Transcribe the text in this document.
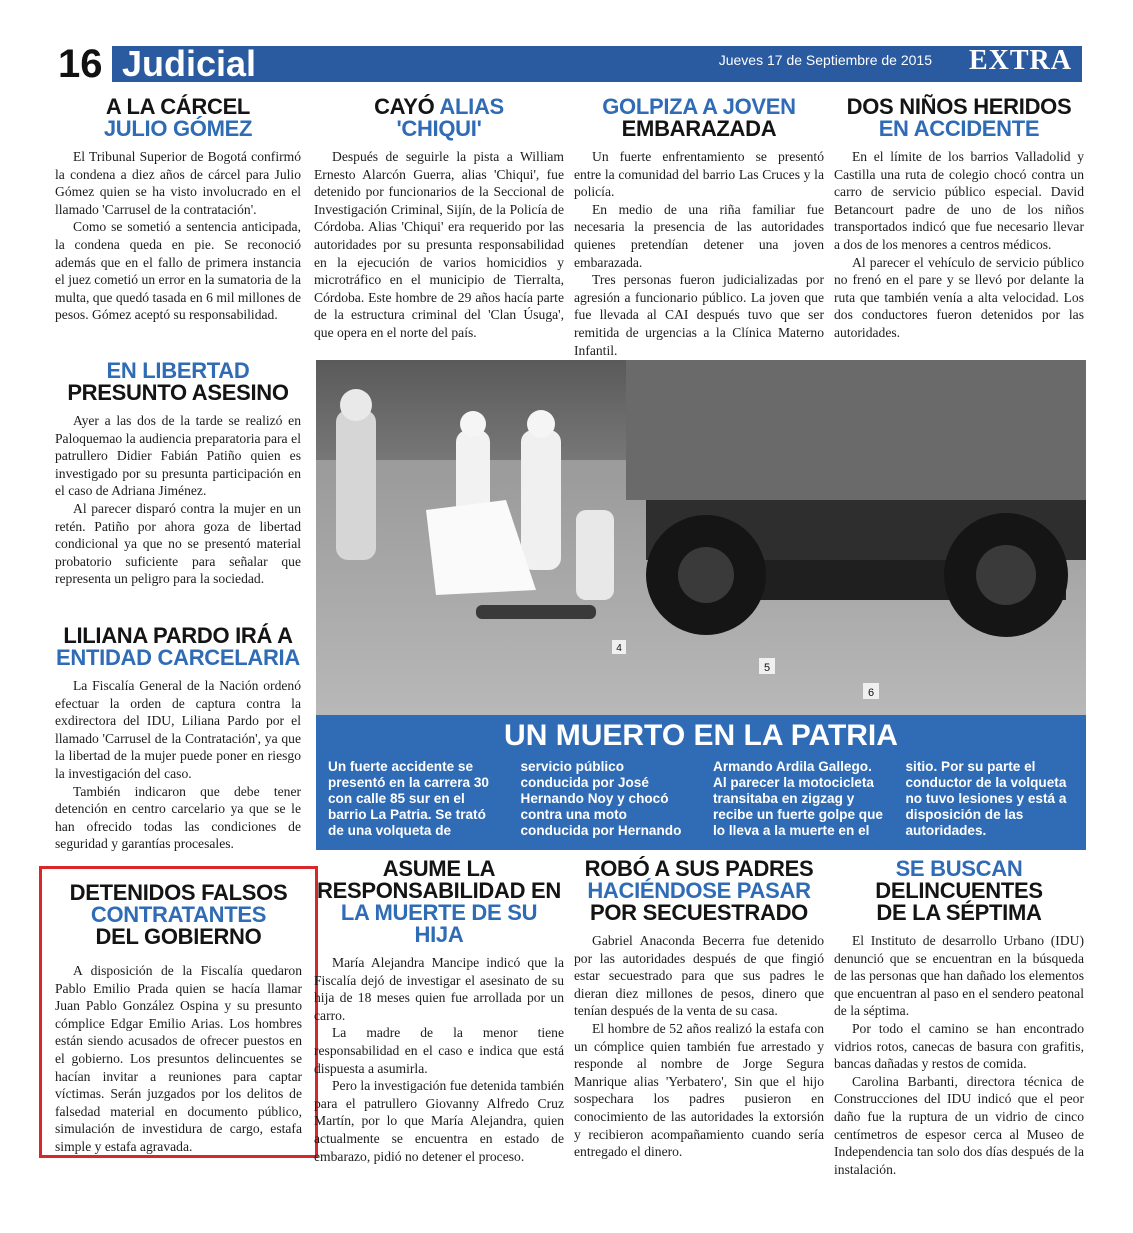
16 Judicial	Jueves 17 de Septiembre de 2015 EXTRA
A LA CÁRCEL
JULIO GÓMEZ

El Tribunal Superior de Bogotá confirmó la condena a diez años de cárcel para Julio Gómez quien se ha visto involucrado en el llamado 'Carrusel de la contratación'.

Como se sometió a sentencia anticipada, la condena queda en pie. Se reconoció además que en el fallo de primera instancia el juez cometió un error en la sumatoria de la multa, que quedó tasada en 6 mil millones de pesos. Gómez aceptó su responsabilidad.

CAYÓ ALIAS
'CHIQUI'

Después de seguirle la pista a William Ernesto Alarcón Guerra, alias 'Chiqui', fue detenido por funcionarios de la Seccional de Investigación Criminal, Sijín, de la Policía de Córdoba. Alias 'Chiqui' era requerido por las autoridades por su presunta responsabilidad en la ejecución de varios homicidios y microtráfico en el municipio de Tierralta, Córdoba. Este hombre de 29 años hacía parte de la estructura criminal del 'Clan Úsuga', que opera en el norte del país.

GOLPIZA A JOVEN
EMBARAZADA

Un fuerte enfrentamiento se presentó entre la comunidad del barrio Las Cruces y la policía.

En medio de una riña familiar fue necesaria la presencia de las autoridades quienes pretendían detener una joven embarazada.

Tres personas fueron judicializadas por agresión a funcionario público. La joven que fue llevada al CAI después tuvo que ser remitida de urgencias a la Clínica Materno Infantil.

DOS NIÑOS HERIDOS
EN ACCIDENTE

En el límite de los barrios Valladolid y Castilla una ruta de colegio chocó contra un carro de servicio público especial. David Betancourt padre de uno de los niños transportados indicó que fue necesario llevar a dos de los menores a centros médicos.

Al parecer el vehículo de servicio público no frenó en el pare y se llevó por delante la ruta que también venía a alta velocidad. Los dos conductores fueron detenidos por las autoridades.

EN LIBERTAD
PRESUNTO ASESINO

Ayer a las dos de la tarde se realizó en Paloquemao la audiencia preparatoria para el patrullero Didier Fabián Patiño quien es investigado por su presunta participación en el caso de Adriana Jiménez.

Al parecer disparó contra la mujer en un retén. Patiño por ahora goza de libertad condicional ya que no se presentó material probatorio suficiente para señalar que representa un peligro para la sociedad.

LILIANA PARDO IRÁ A
ENTIDAD CARCELARIA

La Fiscalía General de la Nación ordenó efectuar la orden de captura contra la exdirectora del IDU, Liliana Pardo por el llamado 'Carrusel de la Contratación', ya que la libertad de la mujer puede poner en riesgo la investigación del caso.

También indicaron que debe tener detención en centro carcelario ya que se le han ofrecido todas las condiciones de seguridad y garantías procesales.

4
5
6
UN MUERTO EN LA PATRIA
Un fuerte accidente se presentó en la carrera 30 con calle 85 sur en el barrio La Patria. Se trató de una volqueta de servicio público conducida por José Hernando Noy y chocó contra una moto conducida por Hernando Armando Ardila Gallego. Al parecer la motocicleta transitaba en zigzag y recibe un fuerte golpe que lo lleva a la muerte en el sitio. Por su parte el conductor de la volqueta no tuvo lesiones y está a disposición de las autoridades.
DETENIDOS FALSOS
CONTRATANTES
DEL GOBIERNO

A disposición de la Fiscalía quedaron Pablo Emilio Prada quien se hacía llamar Juan Pablo González Ospina y su presunto cómplice Edgar Emilio Arias. Los hombres están siendo acusados de ofrecer puestos en el gobierno. Los presuntos delincuentes se hacían invitar a reuniones para captar víctimas. Serán juzgados por los delitos de falsedad material en documento público, simulación de investidura de cargo, estafa simple y estafa agravada.

ASUME LA
RESPONSABILIDAD EN
LA MUERTE DE SU HIJA

María Alejandra Mancipe indicó que la Fiscalía dejó de investigar el asesinato de su hija de 18 meses quien fue arrollada por un carro.

La madre de la menor tiene responsabilidad en el caso e indica que está dispuesta a asumirla.

Pero la investigación fue detenida también para el patrullero Giovanny Alfredo Cruz Martín, por lo que María Alejandra, quien actualmente se encuentra en estado de embarazo, pidió no detener el proceso.

ROBÓ A SUS PADRES
HACIÉNDOSE PASAR
POR SECUESTRADO

Gabriel Anaconda Becerra fue detenido por las autoridades después de que fingió estar secuestrado para que sus padres le dieran diez millones de pesos, dinero que tenían después de la venta de su casa.

El hombre de 52 años realizó la estafa con un cómplice quien también fue arrestado y responde al nombre de Jorge Segura Manrique alias 'Yerbatero', Sin que el hijo sospechara los padres pusieron en conocimiento de las autoridades la extorsión y recibieron acompañamiento cuando sería entregado el dinero.

SE BUSCAN
DELINCUENTES
DE LA SÉPTIMA

El Instituto de desarrollo Urbano (IDU) denunció que se encuentran en la búsqueda de las personas que han dañado los elementos que encuentran al paso en el sendero peatonal de la séptima.

Por todo el camino se han encontrado vidrios rotos, canecas de basura con grafitis, bancas dañadas y restos de comida.

Carolina Barbanti, directora técnica de Construcciones del IDU indicó que el peor daño fue la ruptura de un vidrio de cinco centímetros de espesor cerca al Museo de Independencia tan solo dos días después de la instalación.
